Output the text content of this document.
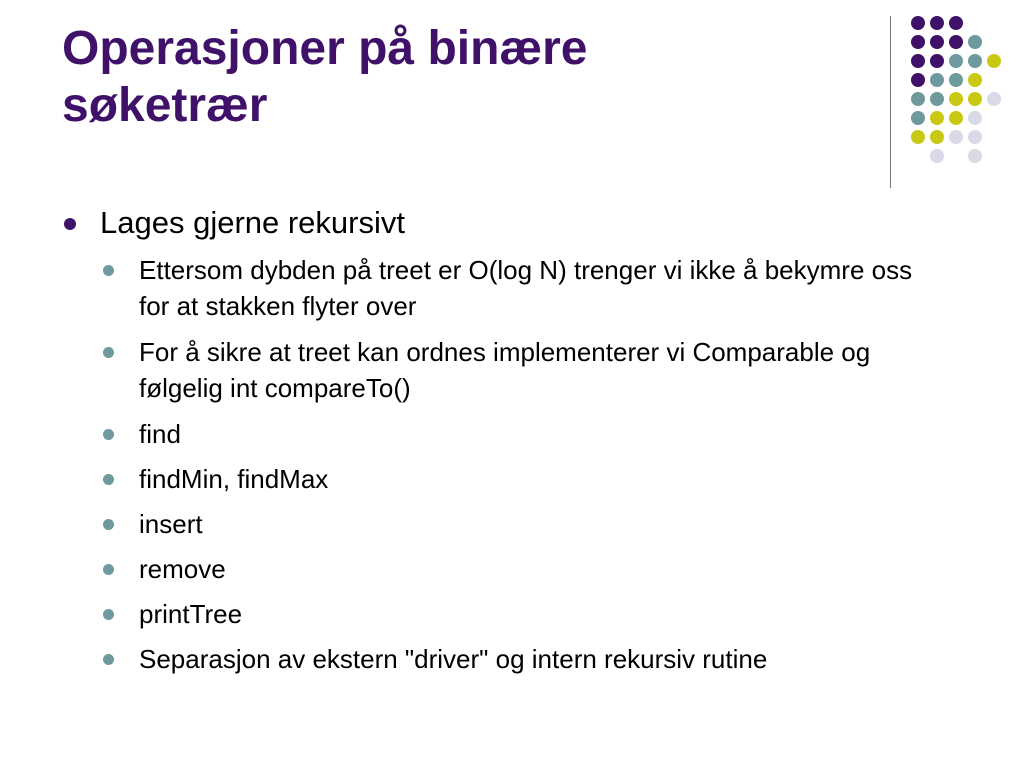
Operasjoner på binære
søketrær
Lages gjerne rekursivt
Ettersom dybden på treet er O(log N) trenger vi ikke å bekymre oss for at stakken flyter over
For å sikre at treet kan ordnes implementerer vi Comparable og følgelig int compareTo()
find
findMin, findMax
insert
remove
printTree
Separasjon av ekstern "driver" og intern rekursiv rutine
